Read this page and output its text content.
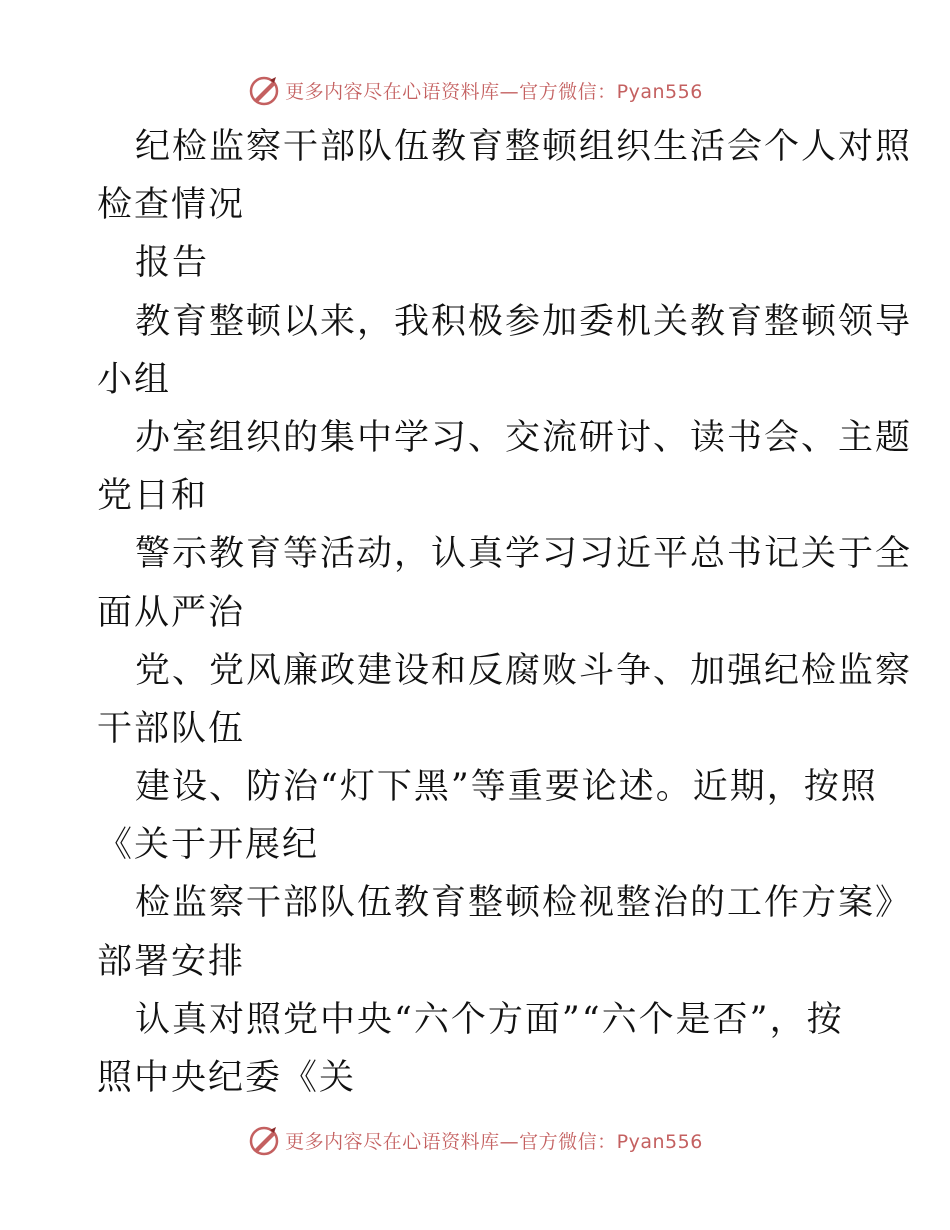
更多内容尽在心语资料库—官方微信：Pyan556
纪检监察干部队伍教育整顿组织生活会个人对照
检查情况
报告
教育整顿以来，我积极参加委机关教育整顿领导
小组
办室组织的集中学习、交流研讨、读书会、主题
党日和
警示教育等活动，认真学习习近平总书记关于全
面从严治
党、党风廉政建设和反腐败斗争、加强纪检监察
干部队伍
建设、防治“灯下黑”等重要论述。近期，按照
《关于开展纪
检监察干部队伍教育整顿检视整治的工作方案》
部署安排
认真对照党中央“六个方面”“六个是否”，按
照中央纪委《关
更多内容尽在心语资料库—官方微信：Pyan556
